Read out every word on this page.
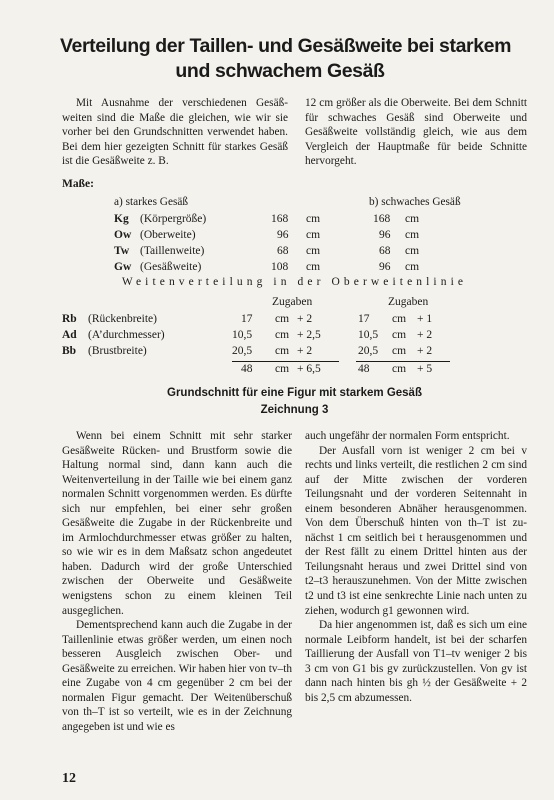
Verteilung der Taillen- und Gesäßweite bei starkem
und schwachem Gesäß

Mit Ausnahme der verschiedenen Gesäßweiten sind die Maße die gleichen, wie wir sie vorher bei den Grundschnitten verwendet haben. Bei dem hier gezeigten Schnitt für starkes Gesäß ist die Gesäßweite z. B.

12 cm größer als die Oberweite. Bei dem Schnitt für schwaches Gesäß sind Oberweite und Gesäßweite vollständig gleich, wie aus dem Vergleich der Hauptmaße für beide Schnitte hervorgeht.

Maße:
a) starkes Gesäß	b) schwaches Gesäß
Kg (Körpergröße)	168 cm	168 cm
Ow (Oberweite)	96 cm	96 cm
Tw (Taillenweite)	68 cm	68 cm
Gw (Gesäßweite)	108 cm	96 cm
Weitenverteilung in der Oberweitenlinie
Zugaben	Zugaben
Rb (Rückenbreite)	17 cm + 2	17 cm + 1
Ad (A’durchmesser)	10,5 cm + 2,5	10,5 cm + 2
Bb (Brustbreite)	20,5 cm + 2	20,5 cm + 2
48 cm + 6,5	48 cm + 5
Grundschnitt für eine Figur mit starkem Gesäß
Zeichnung 3

Wenn bei einem Schnitt mit sehr starker Gesäßweite Rücken- und Brustform sowie die Haltung normal sind, dann kann auch die Weitenverteilung in der Taille wie bei einem ganz normalen Schnitt vorgenommen werden. Es dürfte sich nur empfehlen, bei einer sehr großen Gesäßweite die Zugabe in der Rückenbreite und im Armlochdurchmesser etwas größer zu halten, so wie wir es in dem Maßsatz schon angedeutet haben. Dadurch wird der große Unterschied zwischen der Oberweite und Gesäßweite wenigstens schon zu einem kleinen Teil ausgeglichen.

Dementsprechend kann auch die Zugabe in der Taillenlinie etwas größer werden, um einen noch besseren Ausgleich zwischen Ober- und Gesäßweite zu erreichen. Wir haben hier von tv–th eine Zugabe von 4 cm gegenüber 2 cm bei der normalen Figur gemacht. Der Weitenüberschuß von th–T ist so verteilt, wie es in der Zeichnung angegeben ist und wie es

auch ungefähr der normalen Form entspricht.

Der Ausfall vorn ist weniger 2 cm bei v rechts und links verteilt, die restlichen 2 cm sind auf der Mitte zwischen der vorderen Teilungsnaht und der vorderen Seitennaht in einem besonderen Abnäher herausgenommen. Von dem Überschuß hinten von th–T ist zunächst 1 cm seitlich bei t herausgenommen und der Rest fällt zu einem Drittel hinten aus der Teilungsnaht heraus und zwei Drittel sind von t2–t3 herauszunehmen. Von der Mitte zwischen t2 und t3 ist eine senkrechte Linie nach unten zu ziehen, wodurch g1 gewonnen wird.

Da hier angenommen ist, daß es sich um eine normale Leibform handelt, ist bei der scharfen Taillierung der Ausfall von T1–tv weniger 2 bis 3 cm von G1 bis gv zurückzustellen. Von gv ist dann nach hinten bis gh ½ der Gesäßweite + 2 bis 2,5 cm abzumessen.

12
